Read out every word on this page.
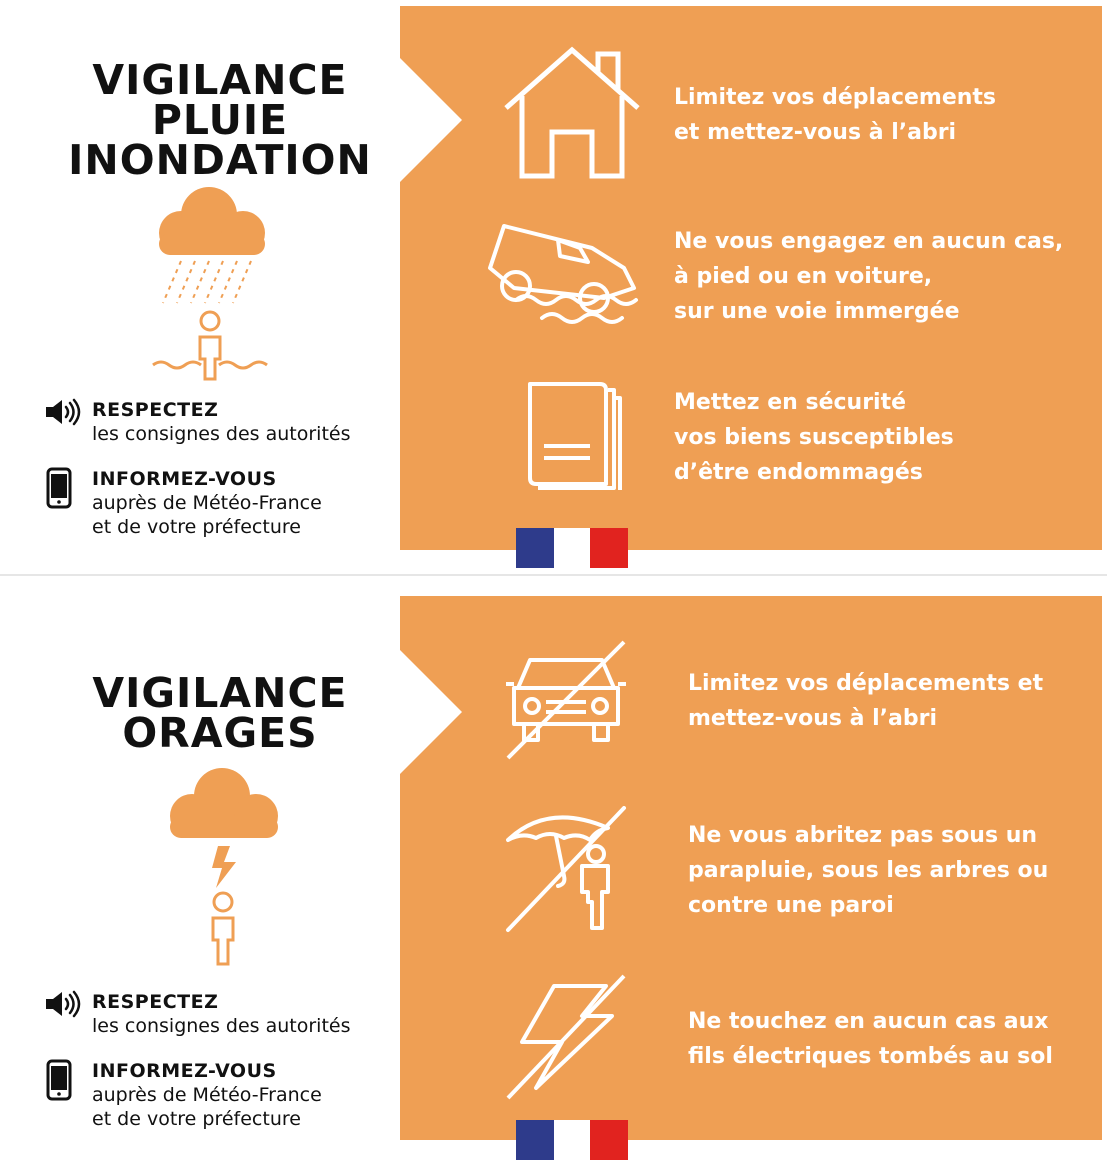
VIGILANCE
PLUIE
INONDATION
RESPECTEZ
les consignes des autorités
INFORMEZ-VOUS
auprès de Météo-France
et de votre préfecture
Limitez vos déplacements
et mettez-vous à l’abri
Ne vous engagez en aucun cas,
à pied ou en voiture,
sur une voie immergée
Mettez en sécurité
vos biens susceptibles
d’être endommagés
VIGILANCE
ORAGES
RESPECTEZ
les consignes des autorités
INFORMEZ-VOUS
auprès de Météo-France
et de votre préfecture
Limitez vos déplacements et
mettez-vous à l’abri
Ne vous abritez pas sous un
parapluie, sous les arbres ou
contre une paroi
Ne touchez en aucun cas aux
fils électriques tombés au sol
